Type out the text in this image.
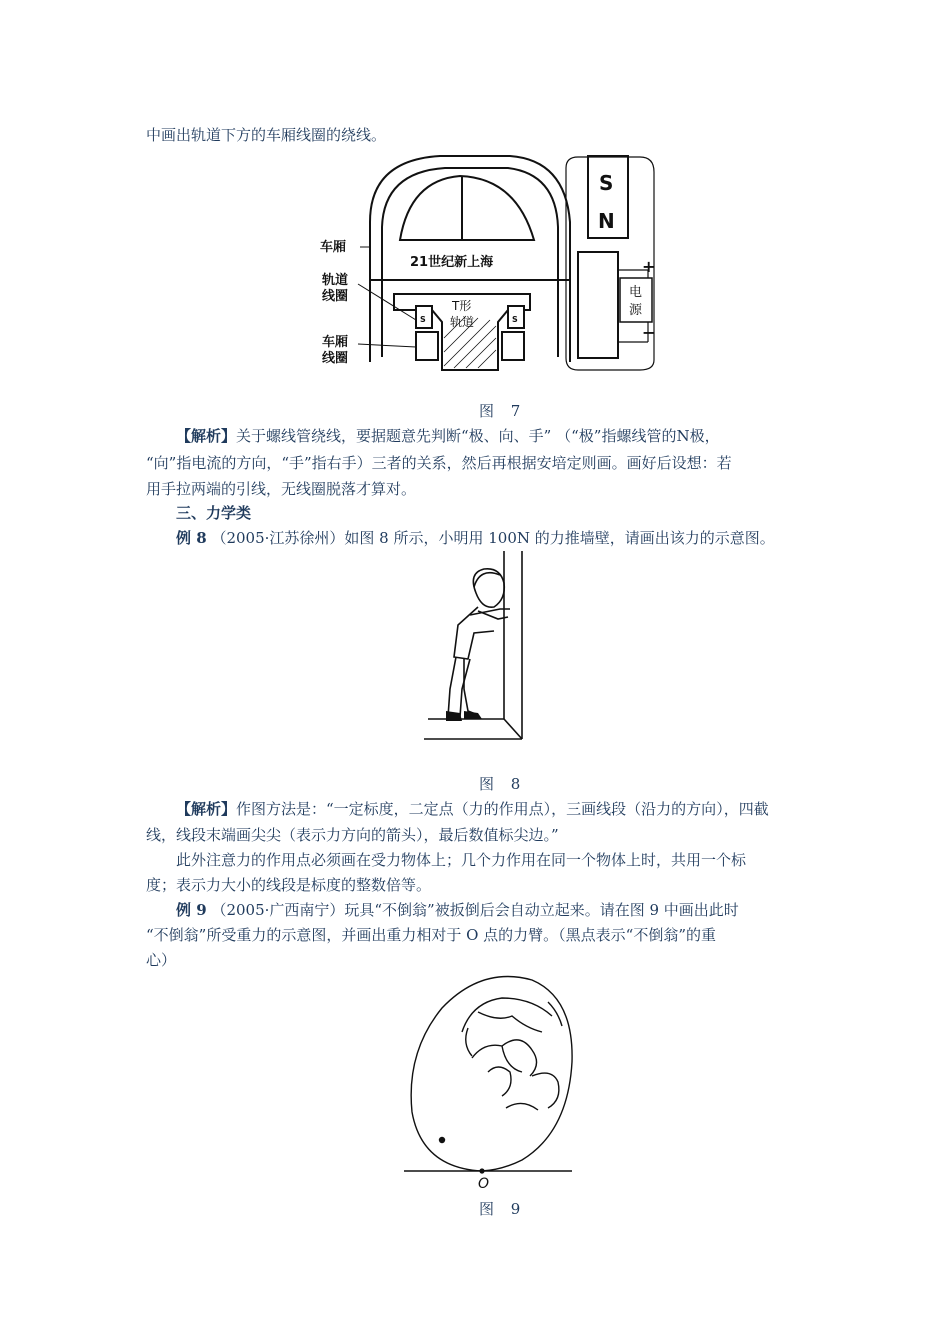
中画出轨道下方的车厢线圈的绕线。
车厢
轨道
线圈
车厢
线圈
21世纪新上海
T形
轨道
S	S
S
N
电
源
+
−
图 7
【解析】关于螺线管绕线，要据题意先判断“极、向、手” （“极”指螺线管的N极，
“向”指电流的方向，“手”指右手）三者的关系，然后再根据安培定则画。画好后设想：若
用手拉两端的引线，无线圈脱落才算对。
三、力学类
例 8 （2005·江苏徐州）如图 8 所示，小明用 100N 的力推墙壁，请画出该力的示意图。
图 8
【解析】作图方法是：“一定标度，二定点（力的作用点），三画线段（沿力的方向），四截
线，线段末端画尖尖（表示力方向的箭头），最后数值标尖边。”
此外注意力的作用点必须画在受力物体上；几个力作用在同一个物体上时，共用一个标
度；表示力大小的线段是标度的整数倍等。
例 9 （2005·广西南宁）玩具“不倒翁”被扳倒后会自动立起来。请在图 9 中画出此时
“不倒翁”所受重力的示意图，并画出重力相对于 O 点的力臂。（黑点表示“不倒翁”的重
心）
O
图 9
